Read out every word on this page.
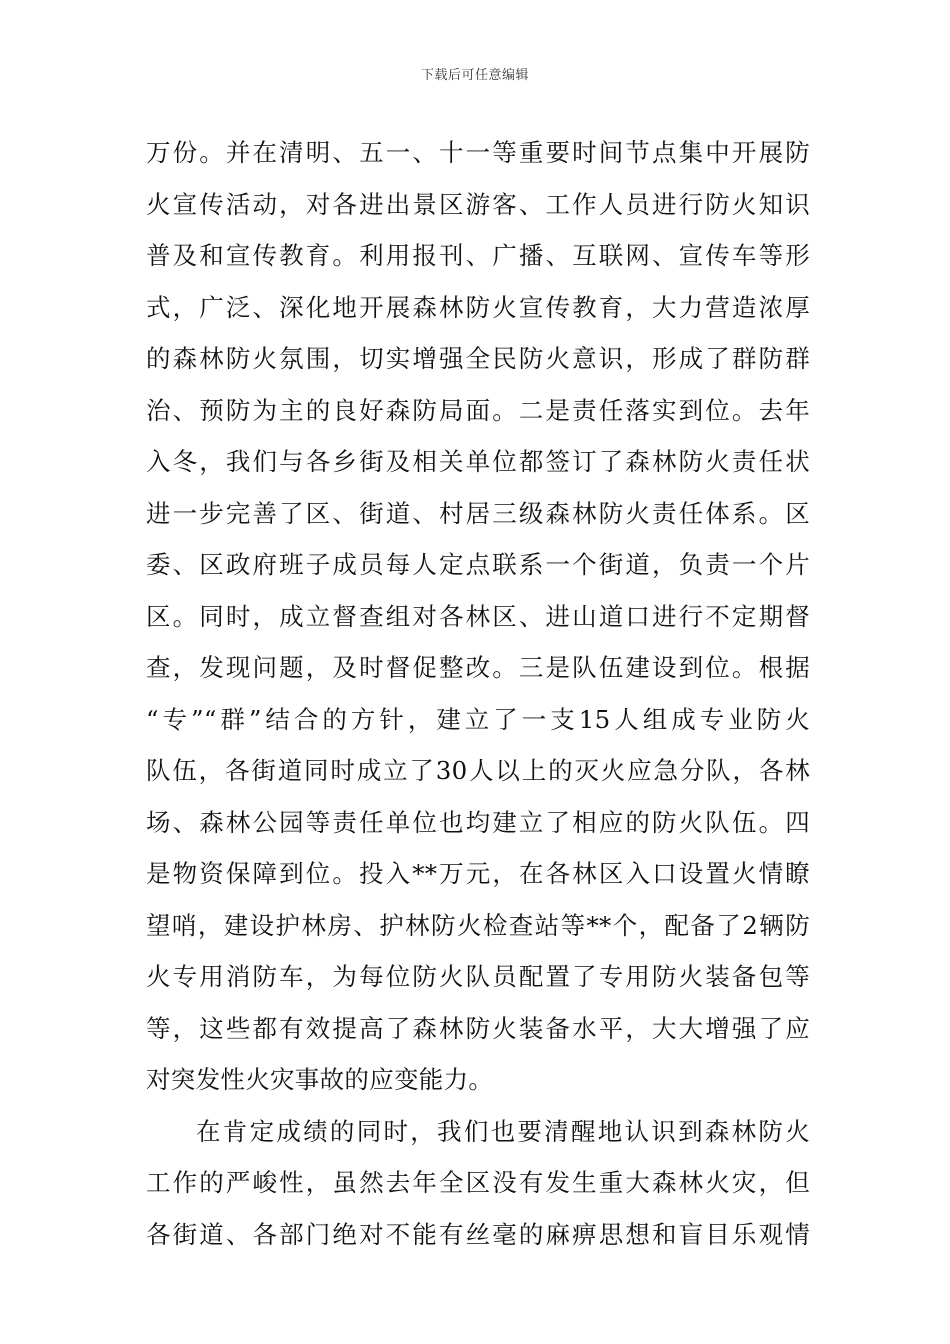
下载后可任意编辑
万份。并在清明、五一、十一等重要时间节点集中开展防
火宣传活动，对各进出景区游客、工作人员进行防火知识
普及和宣传教育。利用报刊、广播、互联网、宣传车等形
式，广泛、深化地开展森林防火宣传教育，大力营造浓厚
的森林防火氛围，切实增强全民防火意识，形成了群防群
治、预防为主的良好森防局面。二是责任落实到位。去年
入冬，我们与各乡街及相关单位都签订了森林防火责任状
进一步完善了区、街道、村居三级森林防火责任体系。区
委、区政府班子成员每人定点联系一个街道，负责一个片
区。同时，成立督查组对各林区、进山道口进行不定期督
查，发现问题，及时督促整改。三是队伍建设到位。根据
“专”“群”结合的方针，建立了一支15人组成专业防火
队伍，各街道同时成立了30人以上的灭火应急分队，各林
场、森林公园等责任单位也均建立了相应的防火队伍。四
是物资保障到位。投入**万元，在各林区入口设置火情瞭
望哨，建设护林房、护林防火检查站等**个，配备了2辆防
火专用消防车，为每位防火队员配置了专用防火装备包等
等，这些都有效提高了森林防火装备水平，大大增强了应
对突发性火灾事故的应变能力。
在肯定成绩的同时，我们也要清醒地认识到森林防火
工作的严峻性，虽然去年全区没有发生重大森林火灾，但
各街道、各部门绝对不能有丝毫的麻痹思想和盲目乐观情
